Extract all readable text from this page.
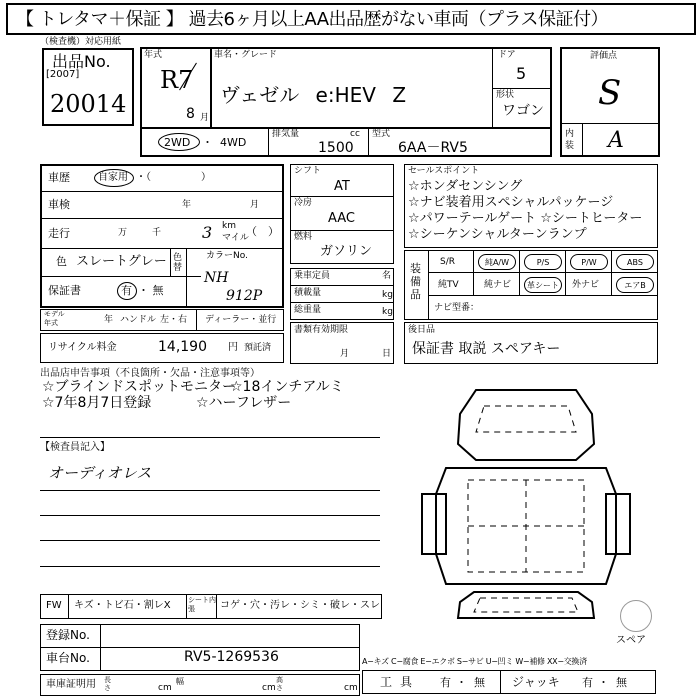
【 トレタマ＋保証 】 過去6ヶ月以上AA出品歴がない車両（プラス保証付）
（検査機）対応用紙
出品No.
[2007]
20014
年式
R7
8 月
車名・グレード
ヴェゼル e:HEV Z
ドア
5
形状
ワゴン
評価点
S
内装 A
2WD ・ 4WD
排気量	cc
1500
型式
6AA－RV5
車歴	自家用 ・（　　　　　）
車検	年	月
走行	万	千	3 km
マイル
（　）
色 スレートグレー 色替
カラーNo.
NH
912P
保証書	有 ・ 無
モデル
年式	年 ハンドル 左・右 ディーラー・並行
リサイクル料金	14,190 円 預託済
シフト
AT
冷房
AAC
燃料
ガソリン
乗車定員	名
積載量	kg
総重量	kg
書類有効期限
月	日
セールスポイント
☆ホンダセンシング
☆ナビ装着用スペシャルパッケージ
☆パワーテールゲート ☆シートヒーター
☆シーケンシャルターンランプ
装備品
S/R	純A/W	P/S	P/W	ABS
純TV	純ナビ	革シート	外ナビ	エアB
ナビ型番：
後日品
保証書 取説 スペアキー
出品店申告事項（不良箇所・欠品・注意事項等）
☆ブラインドスポットモニター
☆18インチアルミ
☆7年8月7日登録	☆ハーフレザー
【検査員記入】
オーディオレス
FW キズ・トビ石・割レX シート内張	コゲ・穴・汚レ・シミ・破レ・スレ
登録No.
車台No.	RV5-1269536
車庫証明用 長さ	cm
幅
cm
高さ	cm
スペア
A−キズ C−腐食 E−エクボ S−サビ U−凹ミ W−補修 XX−交換済
工具 有 ・ 無 ジャッキ 有 ・ 無
